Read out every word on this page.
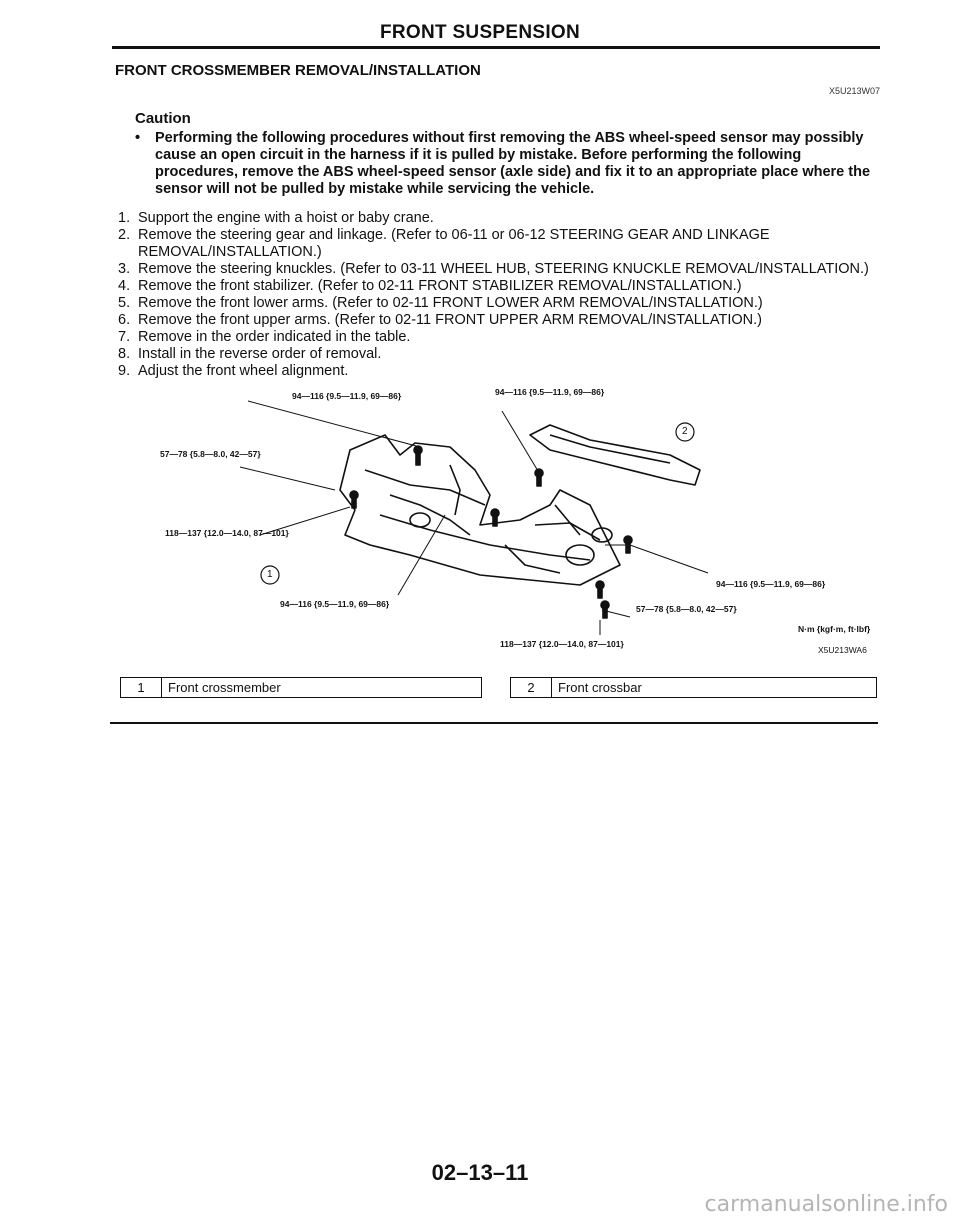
FRONT SUSPENSION
FRONT CROSSMEMBER REMOVAL/INSTALLATION
X5U213W07
Caution
•	Performing the following procedures without first removing the ABS wheel-speed sensor may possibly cause an open circuit in the harness if it is pulled by mistake. Before performing the following procedures, remove the ABS wheel-speed sensor (axle side) and fix it to an appropriate place where the sensor will not be pulled by mistake while servicing the vehicle.
1. Support the engine with a hoist or baby crane.
2. Remove the steering gear and linkage. (Refer to 06-11 or 06-12 STEERING GEAR AND LINKAGE REMOVAL/INSTALLATION.)
3. Remove the steering knuckles. (Refer to 03-11 WHEEL HUB, STEERING KNUCKLE REMOVAL/INSTALLATION.)
4. Remove the front stabilizer. (Refer to 02-11 FRONT STABILIZER REMOVAL/INSTALLATION.)
5. Remove the front lower arms. (Refer to 02-11 FRONT LOWER ARM REMOVAL/INSTALLATION.)
6. Remove the front upper arms. (Refer to 02-11 FRONT UPPER ARM REMOVAL/INSTALLATION.)
7. Remove in the order indicated in the table.
8. Install in the reverse order of removal.
9. Adjust the front wheel alignment.
94—116 {9.5—11.9, 69—86}	94—116 {9.5—11.9, 69—86}
57—78 {5.8—8.0, 42—57}
118—137 {12.0—14.0, 87—101}
94—116 {9.5—11.9, 69—86}
94—116 {9.5—11.9, 69—86}
57—78 {5.8—8.0, 42—57}
118—137 {12.0—14.0, 87—101}
N·m {kgf·m, ft·lbf}
X5U213WA6
1
2
1	Front crossmember	2	Front crossbar
02–13–11
carmanualsonline.info
